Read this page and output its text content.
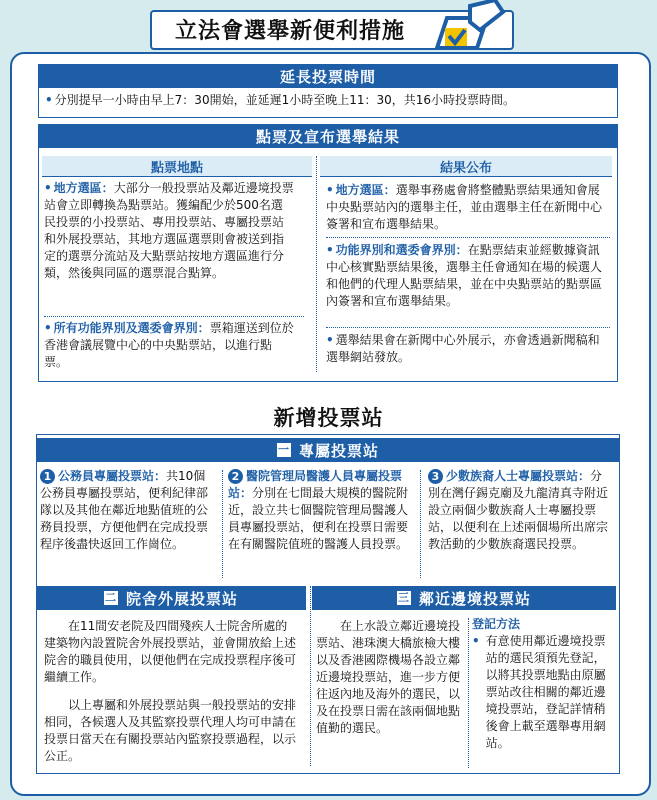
立法會選舉新便利措施
延長投票時間
• 分別提早一小時由早上7：30開始，並延遲1小時至晚上11：30，共16小時投票時間。
點票及宣布選舉結果
點票地點
• 地方選區：大部分一般投票站及鄰近邊境投票站會立即轉換為點票站。獲編配少於500名選民投票的小投票站、專用投票站、專屬投票站和外展投票站，其地方選區選票則會被送到指定的選票分流站及大點票站按地方選區進行分類，然後與同區的選票混合點算。
• 所有功能界別及選委會界別：票箱運送到位於香港會議展覽中心的中央點票站，以進行點票。
結果公布
• 地方選區：選舉事務處會將整體點票結果通知會展中央點票站內的選舉主任，並由選舉主任在新聞中心簽署和宣布選舉結果。
• 功能界別和選委會界別：在點票結束並經數據資訊中心核實點票結果後，選舉主任會通知在場的候選人和他們的代理人點票結果，並在中央點票站的點票區內簽署和宣布選舉結果。
• 選舉結果會在新聞中心外展示，亦會透過新聞稿和選舉網站發放。
新增投票站
一 專屬投票站
1 公務員專屬投票站：共10個公務員專屬投票站，便利紀律部隊以及其他在鄰近地點值班的公務員投票，方便他們在完成投票程序後盡快返回工作崗位。
2 醫院管理局醫護人員專屬投票站：分別在七間最大規模的醫院附近，設立共七個醫院管理局醫護人員專屬投票站，便利在投票日需要在有關醫院值班的醫護人員投票。
3 少數族裔人士專屬投票站：分別在灣仔錫克廟及九龍清真寺附近設立兩個少數族裔人士專屬投票站，以便利在上述兩個場所出席宗教活動的少數族裔選民投票。
二 院舍外展投票站
在11間安老院及四間殘疾人士院舍所處的建築物內設置院舍外展投票站，並會開放給上述院舍的職員使用，以便他們在完成投票程序後可繼續工作。
以上專屬和外展投票站與一般投票站的安排相同，各候選人及其監察投票代理人均可申請在投票日當天在有關投票站內監察投票過程，以示公正。
三 鄰近邊境投票站
在上水設立鄰近邊境投票站、港珠澳大橋旅檢大樓以及香港國際機場各設立鄰近邊境投票站，進一步方便往返內地及海外的選民，以及在投票日需在該兩個地點值勤的選民。

登記方法

• 有意使用鄰近邊境投票站的選民須預先登記，以將其投票地點由原屬票站改往相關的鄰近邊境投票站，登記詳情稍後會上載至選舉專用網站。
